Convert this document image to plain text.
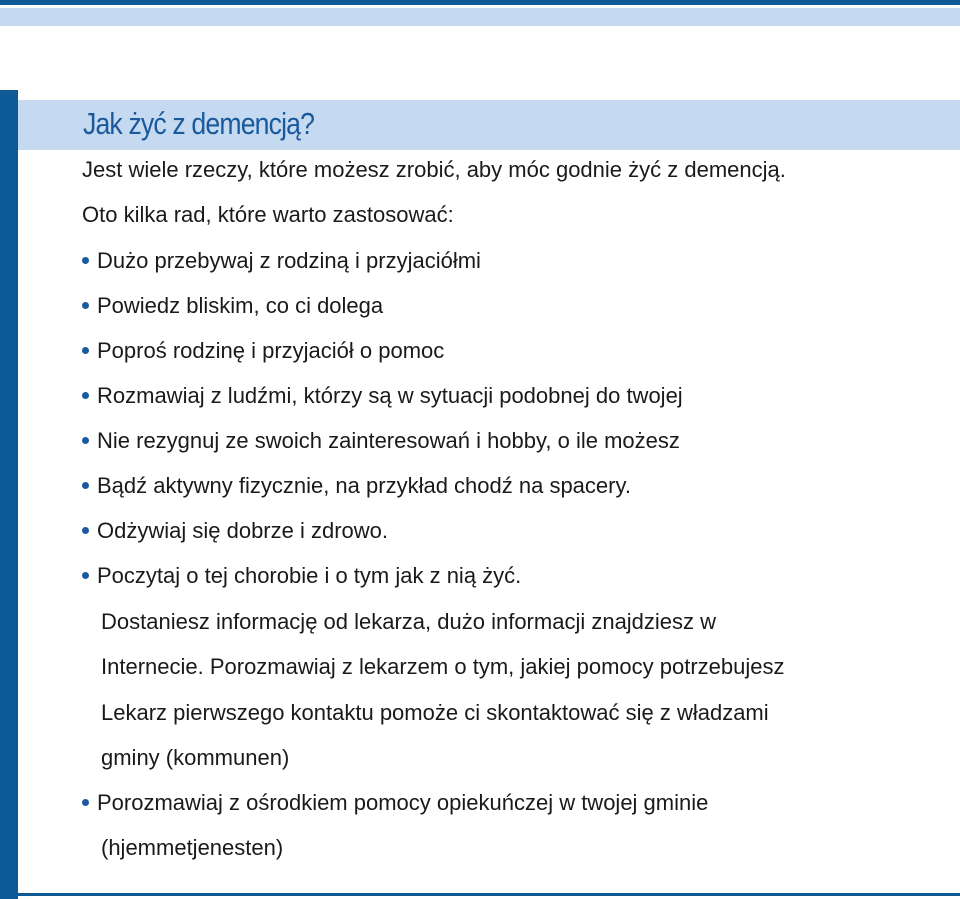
Jak żyć z demencją?

Jest wiele rzeczy, które możesz zrobić, aby móc godnie żyć z demencją.

Oto kilka rad, które warto zastosować:

Dużo przebywaj z rodziną i przyjaciółmi

Powiedz bliskim, co ci dolega

Poproś rodzinę i przyjaciół o pomoc

Rozmawiaj z ludźmi, którzy są w sytuacji podobnej do twojej

Nie rezygnuj ze swoich zainteresowań i hobby, o ile możesz

Bądź aktywny fizycznie, na przykład chodź na spacery.

Odżywiaj się dobrze i zdrowo.

Poczytaj o tej chorobie i o tym jak z nią żyć.

Dostaniesz informację od lekarza, dużo informacji znajdziesz w

Internecie. Porozmawiaj z lekarzem o tym, jakiej pomocy potrzebujesz

Lekarz pierwszego kontaktu pomoże ci skontaktować się z władzami

gminy (kommunen)

Porozmawiaj z ośrodkiem pomocy opiekuńczej w twojej gminie

(hjemmetjenesten)
